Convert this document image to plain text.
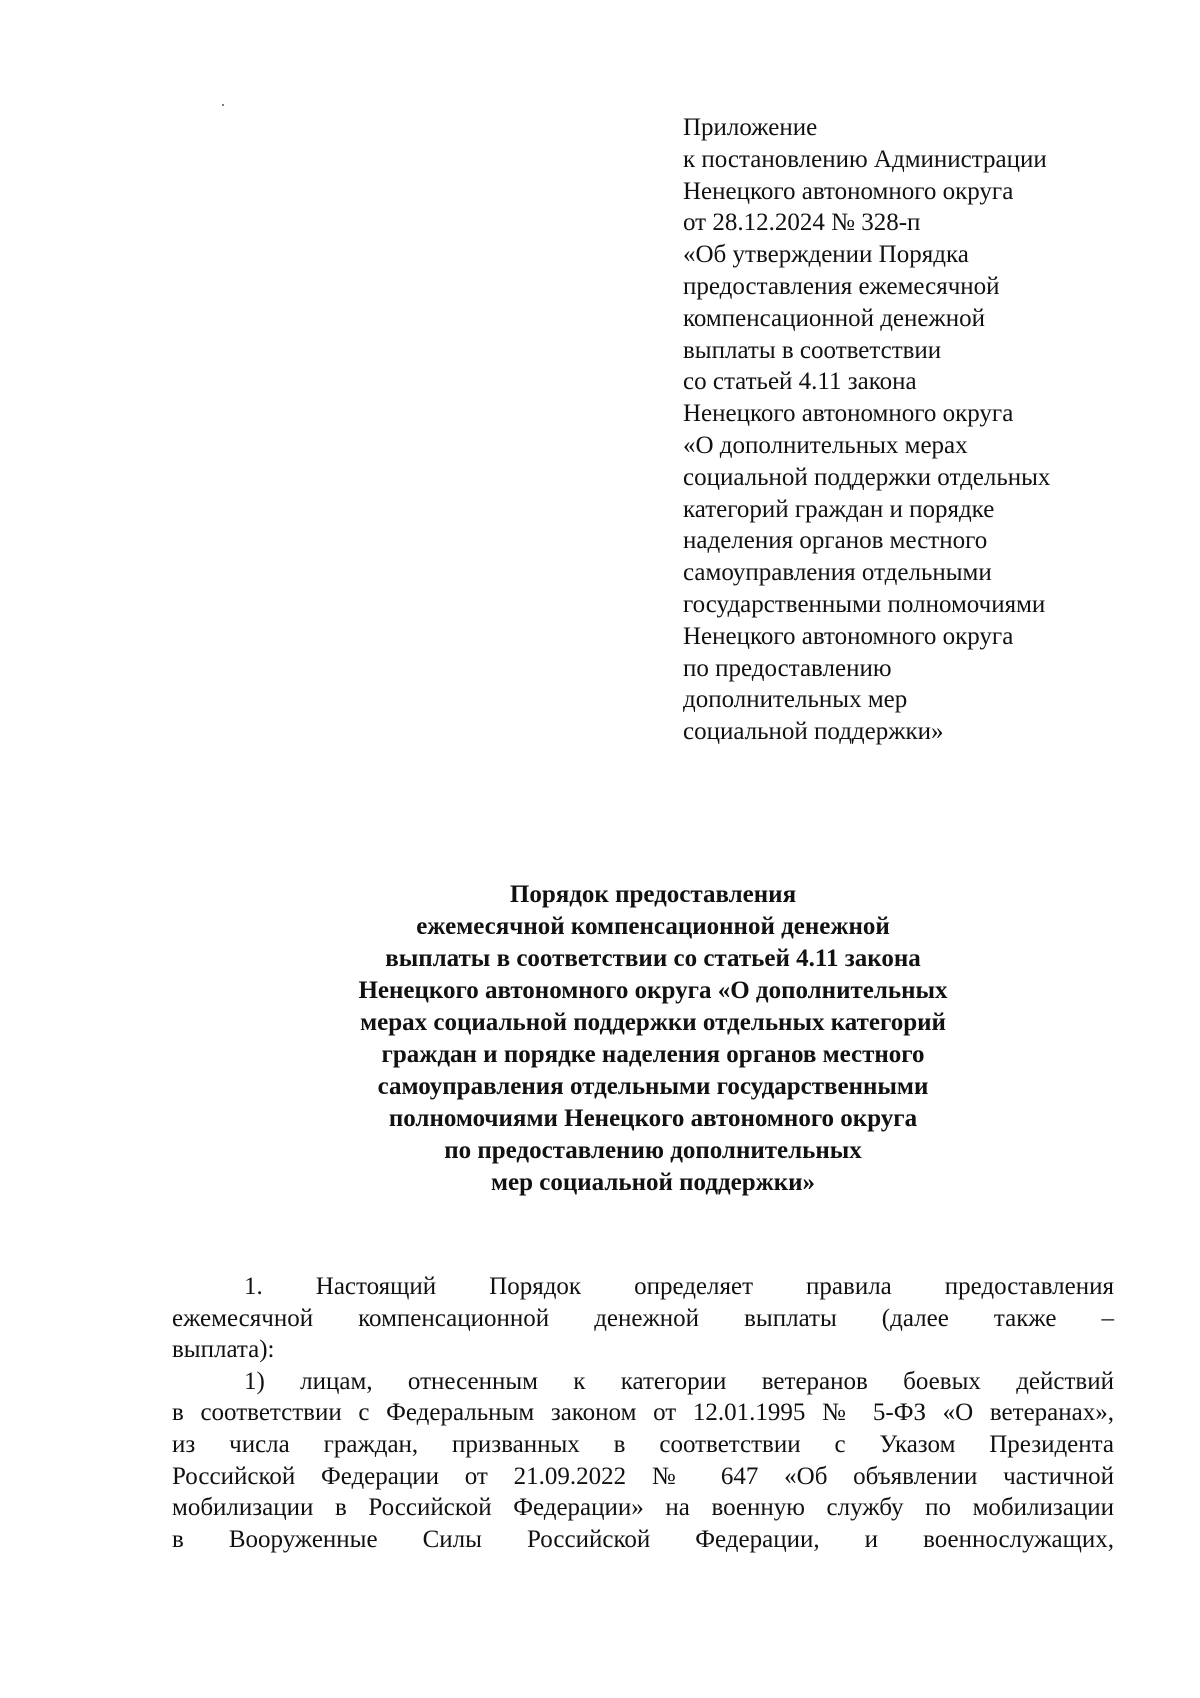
Приложение
к постановлению Администрации
Ненецкого автономного округа
от 28.12.2024 № 328-п
«Об утверждении Порядка
предоставления ежемесячной
компенсационной денежной
выплаты в соответствии
со статьей 4.11 закона
Ненецкого автономного округа
«О дополнительных мерах
социальной поддержки отдельных
категорий граждан и порядке
наделения органов местного
самоуправления отдельными
государственными полномочиями
Ненецкого автономного округа
по предоставлению
дополнительных мер
социальной поддержки»
Порядок предоставления
ежемесячной компенсационной денежной
выплаты в соответствии со статьей 4.11 закона
Ненецкого автономного округа «О дополнительных
мерах социальной поддержки отдельных категорий
граждан и порядке наделения органов местного
самоуправления отдельными государственными
полномочиями Ненецкого автономного округа
по предоставлению дополнительных
мер социальной поддержки»
1. Настоящий Порядок определяет правила предоставления
ежемесячной компенсационной денежной выплаты (далее также –
выплата):
1) лицам, отнесенным к категории ветеранов боевых действий
в соответствии с Федеральным законом от 12.01.1995 № 5-ФЗ «О ветеранах»,
из числа граждан, призванных в соответствии с Указом Президента
Российской Федерации от 21.09.2022 № 647 «Об объявлении частичной
мобилизации в Российской Федерации» на военную службу по мобилизации
в Вооруженные Силы Российской Федерации, и военнослужащих,
